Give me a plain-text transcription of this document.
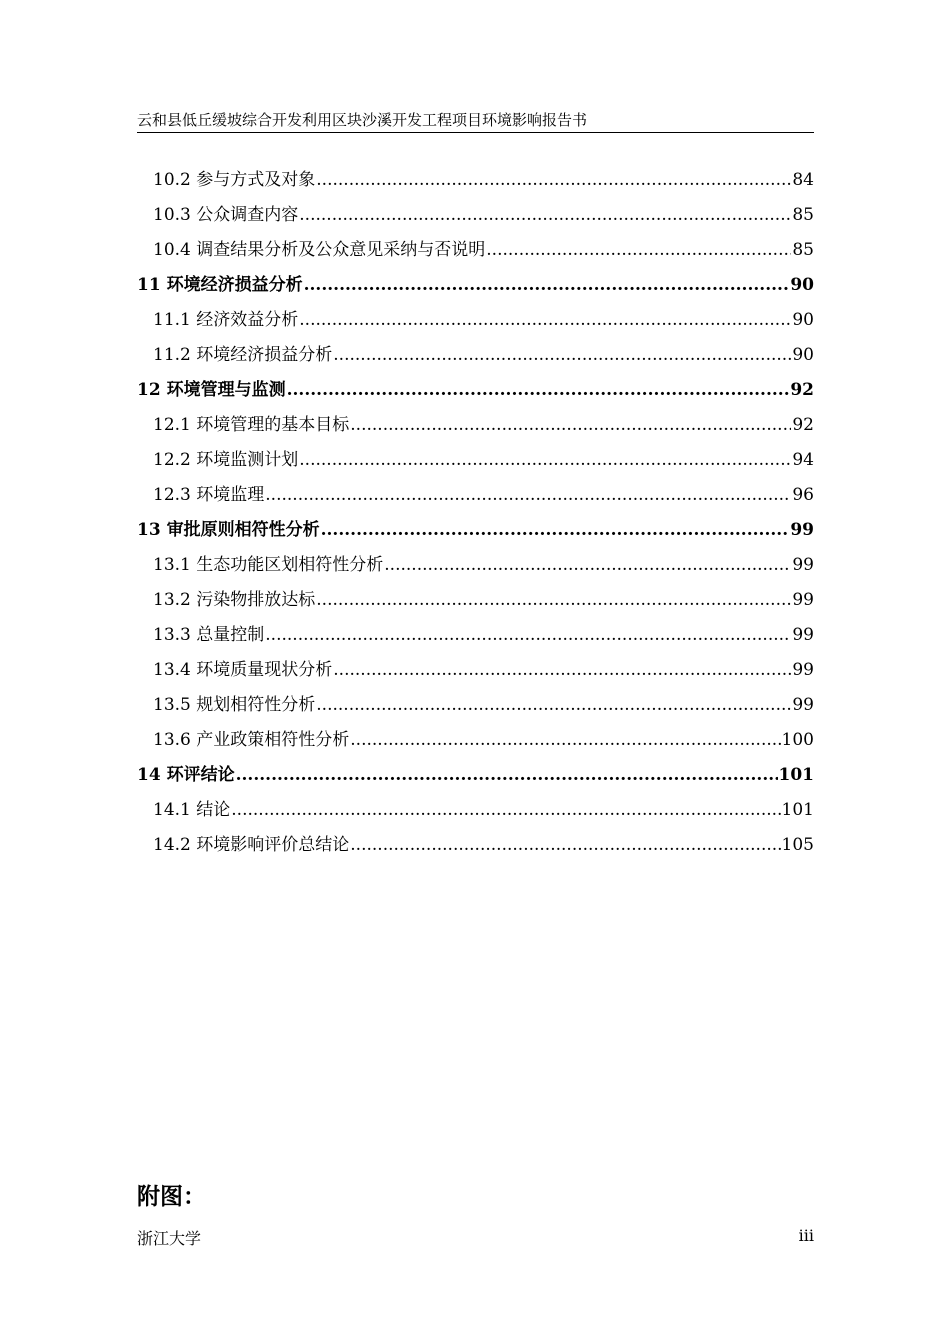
云和县低丘缓坡综合开发利用区块沙溪开发工程项目环境影响报告书
10.2 参与方式及对象 .....	84
10.3 公众调查内容 .....	85
10.4 调查结果分析及公众意见采纳与否说明 .....	85
11 环境经济损益分析 .....	90
11.1 经济效益分析 .....	90
11.2 环境经济损益分析 .....	90
12 环境管理与监测 .....	92
12.1 环境管理的基本目标 .....	92
12.2 环境监测计划 .....	94
12.3 环境监理 .....	96
13 审批原则相符性分析 .....	99
13.1 生态功能区划相符性分析 .....	99
13.2 污染物排放达标 .....	99
13.3 总量控制 .....	99
13.4 环境质量现状分析 .....	99
13.5 规划相符性分析 .....	99
13.6 产业政策相符性分析 .....	100
14 环评结论 .....	101
14.1 结论 .....	101
14.2 环境影响评价总结论 .....	105
附图：
浙江大学	iii
